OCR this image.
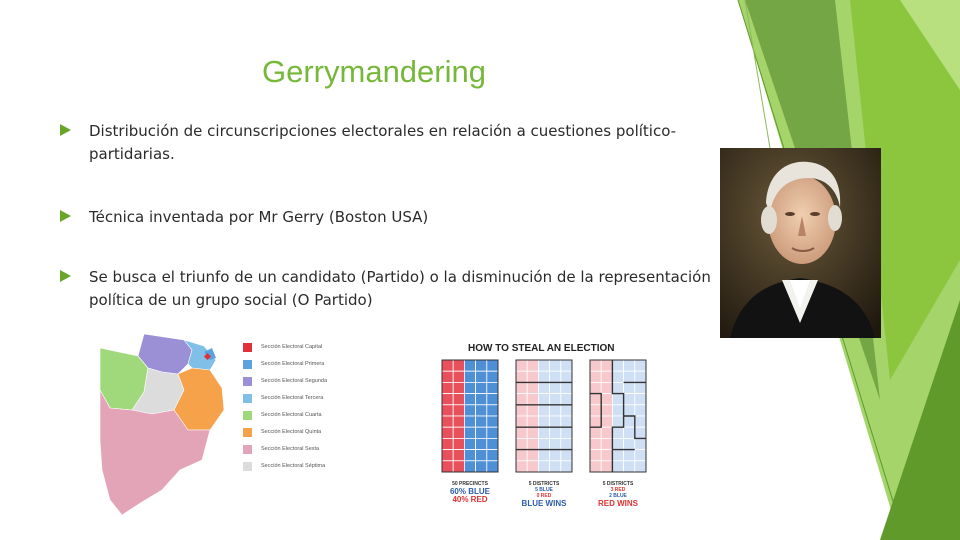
Gerrymandering
Distribución de circunscripciones electorales en relación a cuestiones político-partidarias.
Técnica inventada por Mr Gerry (Boston USA)
Se busca el triunfo de un candidato (Partido) o la disminución de la representación política de un grupo social (O Partido)
Sección Electoral Capital
Sección Electoral Primera
Sección Electoral Segunda
Sección Electoral Tercera
Sección Electoral Cuarta
Sección Electoral Quinta
Sección Electoral Sexta
Sección Electoral Séptima
HOW TO STEAL AN ELECTION
50 PRECINCTS
60% BLUE
40% RED
5 DISTRICTS
5 BLUE
0 RED
BLUE WINS
5 DISTRICTS
3 RED
2 BLUE
RED WINS
